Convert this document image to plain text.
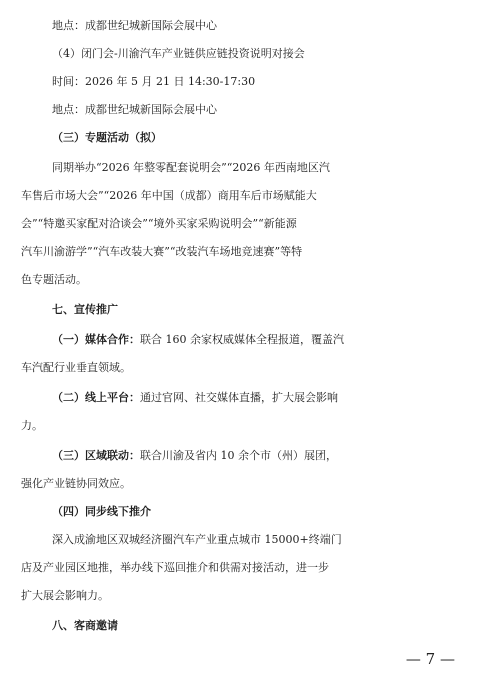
地点：成都世纪城新国际会展中心
（4）闭门会-川渝汽车产业链供应链投资说明对接会
时间：2026 年 5 月 21 日 14:30-17:30
地点：成都世纪城新国际会展中心
（三）专题活动（拟）
同期举办“2026 年整零配套说明会”“2026 年西南地区汽
车售后市场大会”“2026 年中国（成都）商用车后市场赋能大
会”“特邀买家配对洽谈会”“境外买家采购说明会”“新能源
汽车川渝游学”“汽车改装大赛”“改装汽车场地竞速赛”等特
色专题活动。
七、宣传推广
（一）媒体合作：联合 160 余家权威媒体全程报道，覆盖汽
车汽配行业垂直领域。
（二）线上平台：通过官网、社交媒体直播，扩大展会影响
力。
（三）区域联动：联合川渝及省内 10 余个市（州）展团，
强化产业链协同效应。
（四）同步线下推介
深入成渝地区双城经济圈汽车产业重点城市 15000+终端门
店及产业园区地推，举办线下巡回推介和供需对接活动，进一步
扩大展会影响力。
八、客商邀请
— 7 —
